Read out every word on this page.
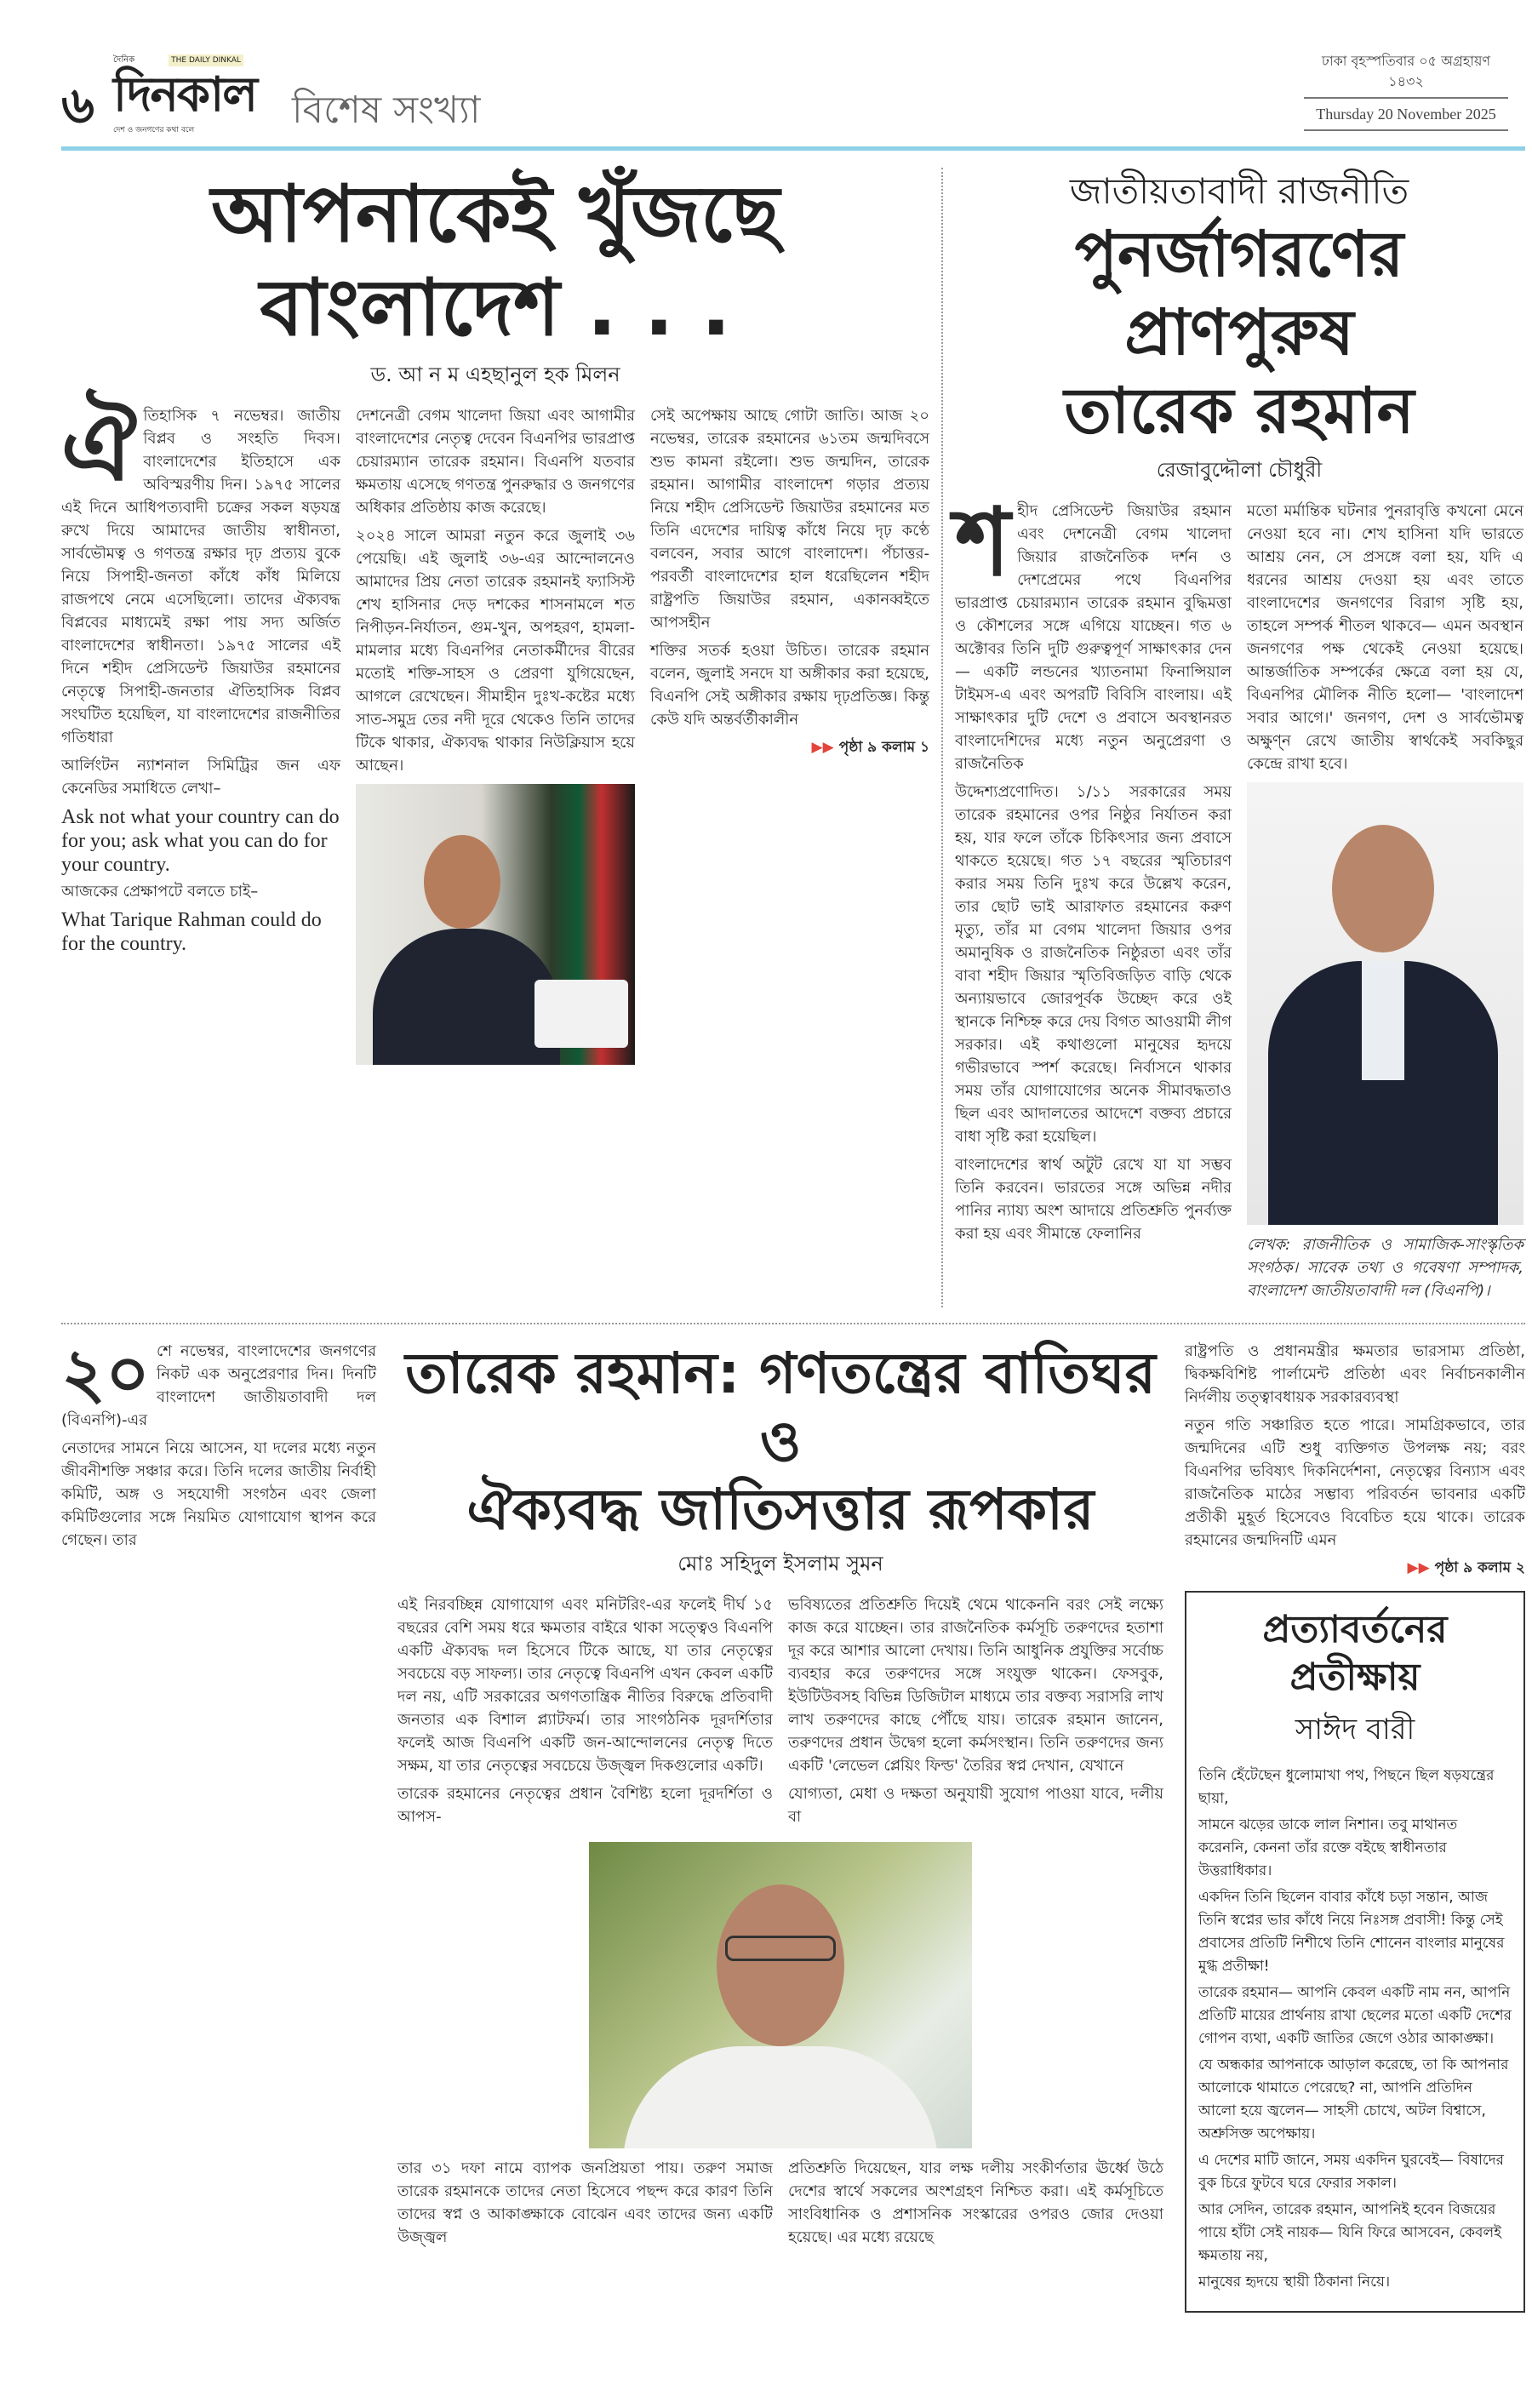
৬
দৈনিক	THE DAILY DINKAL
দিনকাল
দেশ ও জনগণের কথা বলে	বিশেষ সংখ্যা
ঢাকা বৃহস্পতিবার ০৫ অগ্রহায়ণ ১৪৩২
Thursday 20 November 2025
আপনাকেই খুঁজছে বাংলাদেশ . . .
ড. আ ন ম এহছানুল হক মিলন
ঐ তিহাসিক ৭ নভেম্বর। জাতীয় বিপ্লব ও সংহতি দিবস। বাংলাদেশের ইতিহাসে এক অবিস্মরণীয় দিন। ১৯৭৫ সালের এই দিনে আধিপত্যবাদী চক্রের সকল ষড়যন্ত্র রুখে দিয়ে আমাদের জাতীয় স্বাধীনতা, সার্বভৌমত্ব ও গণতন্ত্র রক্ষার দৃঢ় প্রত্যয় বুকে নিয়ে সিপাহী-জনতা কাঁধে কাঁধ মিলিয়ে রাজপথে নেমে এসেছিলো। তাদের ঐক্যবদ্ধ বিপ্লবের মাধ্যমেই রক্ষা পায় সদ্য অর্জিত বাংলাদেশের স্বাধীনতা। ১৯৭৫ সালের এই দিনে শহীদ প্রেসিডেন্ট জিয়াউর রহমানের নেতৃত্বে সিপাহী-জনতার ঐতিহাসিক বিপ্লব সংঘটিত হয়েছিল, যা বাংলাদেশের রাজনীতির গতিধারা

আর্লিংটন ন্যাশনাল সিমিট্রির জন এফ কেনেডির সমাধিতে লেখা–

Ask not what your country can do for you; ask what you can do for your country.

আজকের প্রেক্ষাপটে বলতে চাই–

What Tarique Rahman could do for the country.

দেশনেত্রী বেগম খালেদা জিয়া এবং আগামীর বাংলাদেশের নেতৃত্ব দেবেন বিএনপির ভারপ্রাপ্ত চেয়ারম্যান তারেক রহমান। বিএনপি যতবার ক্ষমতায় এসেছে গণতন্ত্র পুনরুদ্ধার ও জনগণের অধিকার প্রতিষ্ঠায় কাজ করেছে।

২০২৪ সালে আমরা নতুন করে জুলাই ৩৬ পেয়েছি। এই জুলাই ৩৬-এর আন্দোলনেও আমাদের প্রিয় নেতা তারেক রহমানই ফ্যাসিস্ট শেখ হাসিনার দেড় দশকের শাসনামলে শত নিপীড়ন-নির্যাতন, গুম-খুন, অপহরণ, হামলা-মামলার মধ্যে বিএনপির নেতাকর্মীদের বীরের মতোই শক্তি-সাহস ও প্রেরণা যুগিয়েছেন, আগলে রেখেছেন। সীমাহীন দুঃখ-কষ্টের মধ্যে সাত-সমুদ্র তের নদী দূরে থেকেও তিনি তাদের টিকে থাকার, ঐক্যবদ্ধ থাকার নিউক্লিয়াস হয়ে আছেন।

সেই অপেক্ষায় আছে গোটা জাতি। আজ ২০ নভেম্বর, তারেক রহমানের ৬১তম জন্মদিবসে শুভ কামনা রইলো। শুভ জন্মদিন, তারেক রহমান। আগামীর বাংলাদেশ গড়ার প্রত্যয় নিয়ে শহীদ প্রেসিডেন্ট জিয়াউর রহমানের মত তিনি এদেশের দায়িত্ব কাঁধে নিয়ে দৃঢ় কণ্ঠে বলবেন, সবার আগে বাংলাদেশ। পঁচাত্তর-পরবর্তী বাংলাদেশের হাল ধরেছিলেন শহীদ রাষ্ট্রপতি জিয়াউর রহমান, একানব্বইতে আপসহীন

শক্তির সতর্ক হওয়া উচিত। তারেক রহমান বলেন, জুলাই সনদে যা অঙ্গীকার করা হয়েছে, বিএনপি সেই অঙ্গীকার রক্ষায় দৃঢ়প্রতিজ্ঞ। কিন্তু কেউ যদি অন্তর্বর্তীকালীন

▶▶ পৃষ্ঠা ৯ কলাম ১
জাতীয়তাবাদী রাজনীতি
পুনর্জাগরণের প্রাণপুরুষ
তারেক রহমান
রেজাবুদ্দৌলা চৌধুরী
শ হীদ প্রেসিডেন্ট জিয়াউর রহমান এবং দেশনেত্রী বেগম খালেদা জিয়ার রাজনৈতিক দর্শন ও দেশপ্রেমের পথে বিএনপির ভারপ্রাপ্ত চেয়ারম্যান তারেক রহমান বুদ্ধিমত্তা ও কৌশলের সঙ্গে এগিয়ে যাচ্ছেন। গত ৬ অক্টোবর তিনি দুটি গুরুত্বপূর্ণ সাক্ষাৎকার দেন— একটি লন্ডনের খ্যাতনামা ফিনান্সিয়াল টাইমস-এ এবং অপরটি বিবিসি বাংলায়। এই সাক্ষাৎকার দুটি দেশে ও প্রবাসে অবস্থানরত বাংলাদেশিদের মধ্যে নতুন অনুপ্রেরণা ও রাজনৈতিক

উদ্দেশ্যপ্রণোদিত। ১/১১ সরকারের সময় তারেক রহমানের ওপর নিষ্ঠুর নির্যাতন করা হয়, যার ফলে তাঁকে চিকিৎসার জন্য প্রবাসে থাকতে হয়েছে। গত ১৭ বছরের স্মৃতিচারণ করার সময় তিনি দুঃখ করে উল্লেখ করেন, তার ছোট ভাই আরাফাত রহমানের করুণ মৃত্যু, তাঁর মা বেগম খালেদা জিয়ার ওপর অমানুষিক ও রাজনৈতিক নিষ্ঠুরতা এবং তাঁর বাবা শহীদ জিয়ার স্মৃতিবিজড়িত বাড়ি থেকে অন্যায়ভাবে জোরপূর্বক উচ্ছেদ করে ওই স্থানকে নিশ্চিহ্ন করে দেয় বিগত আওয়ামী লীগ সরকার। এই কথাগুলো মানুষের হৃদয়ে গভীরভাবে স্পর্শ করেছে। নির্বাসনে থাকার সময় তাঁর যোগাযোগের অনেক সীমাবদ্ধতাও ছিল এবং আদালতের আদেশে বক্তব্য প্রচারে বাধা সৃষ্টি করা হয়েছিল।

বাংলাদেশের স্বার্থ অটুট রেখে যা যা সম্ভব তিনি করবেন। ভারতের সঙ্গে অভিন্ন নদীর পানির ন্যায্য অংশ আদায়ে প্রতিশ্রুতি পুনর্ব্যক্ত করা হয় এবং সীমান্তে ফেলানির

মতো মর্মান্তিক ঘটনার পুনরাবৃত্তি কখনো মেনে নেওয়া হবে না। শেখ হাসিনা যদি ভারতে আশ্রয় নেন, সে প্রসঙ্গে বলা হয়, যদি এ ধরনের আশ্রয় দেওয়া হয় এবং তাতে বাংলাদেশের জনগণের বিরাগ সৃষ্টি হয়, তাহলে সম্পর্ক শীতল থাকবে— এমন অবস্থান জনগণের পক্ষ থেকেই নেওয়া হয়েছে। আন্তর্জাতিক সম্পর্কের ক্ষেত্রে বলা হয় যে, বিএনপির মৌলিক নীতি হলো— 'বাংলাদেশ সবার আগে।' জনগণ, দেশ ও সার্বভৌমত্ব অক্ষুণ্ন রেখে জাতীয় স্বার্থকেই সবকিছুর কেন্দ্রে রাখা হবে।

লেখক: রাজনীতিক ও সামাজিক-সাংস্কৃতিক সংগঠক। সাবেক তথ্য ও গবেষণা সম্পাদক, বাংলাদেশ জাতীয়তাবাদী দল (বিএনপি)।

২০ শে নভেম্বর, বাংলাদেশের জনগণের নিকট এক অনুপ্রেরণার দিন। দিনটি বাংলাদেশ জাতীয়তাবাদী দল (বিএনপি)-এর

নেতাদের সামনে নিয়ে আসেন, যা দলের মধ্যে নতুন জীবনীশক্তি সঞ্চার করে। তিনি দলের জাতীয় নির্বাহী কমিটি, অঙ্গ ও সহযোগী সংগঠন এবং জেলা কমিটিগুলোর সঙ্গে নিয়মিত যোগাযোগ স্থাপন করে গেছেন। তার

তারেক রহমান: গণতন্ত্রের বাতিঘর ও
ঐক্যবদ্ধ জাতিসত্তার রূপকার
মোঃ সহিদুল ইসলাম সুমন

এই নিরবচ্ছিন্ন যোগাযোগ এবং মনিটরিং-এর ফলেই দীর্ঘ ১৫ বছরের বেশি সময় ধরে ক্ষমতার বাইরে থাকা সত্ত্বেও বিএনপি একটি ঐক্যবদ্ধ দল হিসেবে টিকে আছে, যা তার নেতৃত্বের সবচেয়ে বড় সাফল্য। তার নেতৃত্বে বিএনপি এখন কেবল একটি দল নয়, এটি সরকারের অগণতান্ত্রিক নীতির বিরুদ্ধে প্রতিবাদী জনতার এক বিশাল প্ল্যাটফর্ম। তার সাংগঠনিক দূরদর্শিতার ফলেই আজ বিএনপি একটি জন-আন্দোলনের নেতৃত্ব দিতে সক্ষম, যা তার নেতৃত্বের সবচেয়ে উজ্জ্বল দিকগুলোর একটি।

তারেক রহমানের নেতৃত্বের প্রধান বৈশিষ্ট্য হলো দূরদর্শিতা ও আপস-

ভবিষ্যতের প্রতিশ্রুতি দিয়েই থেমে থাকেননি বরং সেই লক্ষ্যে কাজ করে যাচ্ছেন। তার রাজনৈতিক কর্মসূচি তরুণদের হতাশা দূর করে আশার আলো দেখায়। তিনি আধুনিক প্রযুক্তির সর্বোচ্চ ব্যবহার করে তরুণদের সঙ্গে সংযুক্ত থাকেন। ফেসবুক, ইউটিউবসহ বিভিন্ন ডিজিটাল মাধ্যমে তার বক্তব্য সরাসরি লাখ লাখ তরুণদের কাছে পৌঁছে যায়। তারেক রহমান জানেন, তরুণদের প্রধান উদ্বেগ হলো কর্মসংস্থান। তিনি তরুণদের জন্য একটি 'লেভেল প্লেয়িং ফিল্ড' তৈরির স্বপ্ন দেখান, যেখানে

যোগ্যতা, মেধা ও দক্ষতা অনুযায়ী সুযোগ পাওয়া যাবে, দলীয় বা

তার ৩১ দফা নামে ব্যাপক জনপ্রিয়তা পায়। তরুণ সমাজ তারেক রহমানকে তাদের নেতা হিসেবে পছন্দ করে কারণ তিনি তাদের স্বপ্ন ও আকাঙ্ক্ষাকে বোঝেন এবং তাদের জন্য একটি উজ্জ্বল

প্রতিশ্রুতি দিয়েছেন, যার লক্ষ দলীয় সংকীর্ণতার ঊর্ধ্বে উঠে দেশের স্বার্থে সকলের অংশগ্রহণ নিশ্চিত করা। এই কর্মসূচিতে সাংবিধানিক ও প্রশাসনিক সংস্কারের ওপরও জোর দেওয়া হয়েছে। এর মধ্যে রয়েছে

রাষ্ট্রপতি ও প্রধানমন্ত্রীর ক্ষমতার ভারসাম্য প্রতিষ্ঠা, দ্বিকক্ষবিশিষ্ট পার্লামেন্ট প্রতিষ্ঠা এবং নির্বাচনকালীন নির্দলীয় তত্ত্বাবধায়ক সরকারব্যবস্থা

নতুন গতি সঞ্চারিত হতে পারে। সামগ্রিকভাবে, তার জন্মদিনের এটি শুধু ব্যক্তিগত উপলক্ষ নয়; বরং বিএনপির ভবিষ্যৎ দিকনির্দেশনা, নেতৃত্বের বিন্যাস এবং রাজনৈতিক মাঠের সম্ভাব্য পরিবর্তন ভাবনার একটি প্রতীকী মুহূর্ত হিসেবেও বিবেচিত হয়ে থাকে। তারেক রহমানের জন্মদিনটি এমন

▶▶ পৃষ্ঠা ৯ কলাম ২
প্রত্যাবর্তনের
প্রতীক্ষায়
সাঈদ বারী
তিনি হেঁটেছেন ধুলোমাখা পথ, পিছনে ছিল ষড়যন্ত্রের ছায়া,
সামনে ঝড়ের ডাকে লাল নিশান। তবু মাথানত করেননি, কেননা তাঁর রক্তে বইছে স্বাধীনতার উত্তরাধিকার।
একদিন তিনি ছিলেন বাবার কাঁধে চড়া সন্তান, আজ তিনি স্বপ্নের ভার কাঁধে নিয়ে নিঃসঙ্গ প্রবাসী! কিন্তু সেই প্রবাসের প্রতিটি নিশীথে তিনি শোনেন বাংলার মানুষের মুগ্ধ প্রতীক্ষা!
তারেক রহমান— আপনি কেবল একটি নাম নন, আপনি প্রতিটি মায়ের প্রার্থনায় রাখা ছেলের মতো একটি দেশের গোপন ব্যথা, একটি জাতির জেগে ওঠার আকাঙ্ক্ষা।
যে অন্ধকার আপনাকে আড়াল করেছে, তা কি আপনার আলোকে থামাতে পেরেছে? না, আপনি প্রতিদিন আলো হয়ে জ্বলেন— সাহসী চোখে, অটল বিশ্বাসে, অশ্রুসিক্ত অপেক্ষায়।
এ দেশের মাটি জানে, সময় একদিন ঘুরবেই— বিষাদের বুক চিরে ফুটবে ঘরে ফেরার সকাল।
আর সেদিন, তারেক রহমান, আপনিই হবেন বিজয়ের পায়ে হাঁটা সেই নায়ক— যিনি ফিরে আসবেন, কেবলই ক্ষমতায় নয়,
মানুষের হৃদয়ে স্থায়ী ঠিকানা নিয়ে।
